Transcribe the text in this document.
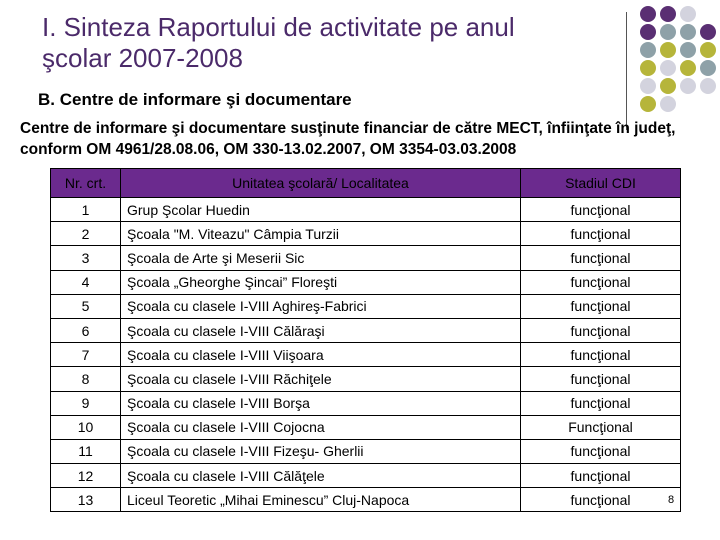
I. Sinteza Raportului de activitate pe anul
şcolar 2007-2008
B. Centre de informare şi documentare
Centre de informare şi documentare susţinute financiar de către MECT, înfiinţate în judeţ, conform OM 4961/28.08.06, OM 330-13.02.2007, OM 3354-03.03.2008
Nr. crt.	Unitatea şcolară/ Localitatea	Stadiul CDI
1	Grup Şcolar Huedin	funcţional
2	Şcoala "M. Viteazu" Câmpia Turzii	funcţional
3	Şcoala de Arte şi Meserii Sic	funcţional
4	Şcoala „Gheorghe Şincai” Floreşti	funcţional
5	Şcoala cu clasele I-VIII Aghireş-Fabrici	funcţional
6	Şcoala cu clasele I-VIII Călăraşi	funcţional
7	Şcoala cu clasele I-VIII Viişoara	funcţional
8	Şcoala cu clasele I-VIII Răchiţele	funcţional
9	Şcoala cu clasele I-VIII Borşa	funcţional
10	Şcoala cu clasele I-VIII Cojocna	Funcţional
11	Şcoala cu clasele I-VIII Fizeşu- Gherlii	funcţional
12	Şcoala cu clasele I-VIII Călăţele	funcţional
13	Liceul Teoretic „Mihai Eminescu” Cluj-Napoca	funcţional	8
